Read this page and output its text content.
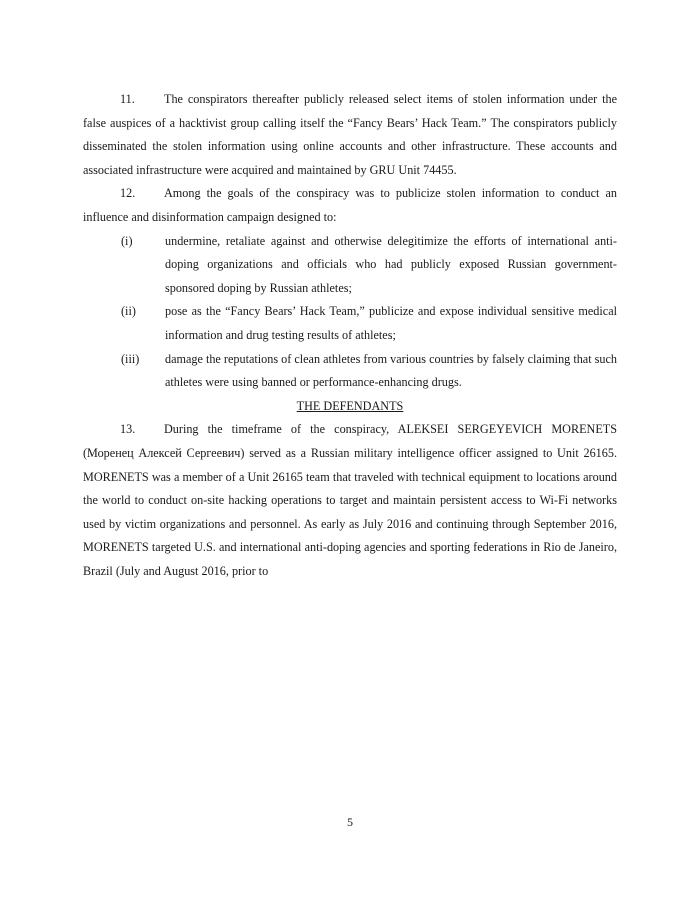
11. The conspirators thereafter publicly released select items of stolen information under the false auspices of a hacktivist group calling itself the “Fancy Bears’ Hack Team.” The conspirators publicly disseminated the stolen information using online accounts and other infrastructure. These accounts and associated infrastructure were acquired and maintained by GRU Unit 74455.

12. Among the goals of the conspiracy was to publicize stolen information to conduct an influence and disinformation campaign designed to:

(i)	undermine, retaliate against and otherwise delegitimize the efforts of international anti-doping organizations and officials who had publicly exposed Russian government-sponsored doping by Russian athletes;

(ii)	pose as the “Fancy Bears’ Hack Team,” publicize and expose individual sensitive medical information and drug testing results of athletes;

(iii)	damage the reputations of clean athletes from various countries by falsely claiming that such athletes were using banned or performance-enhancing drugs.

THE DEFENDANTS

13. During the timeframe of the conspiracy, ALEKSEI SERGEYEVICH MORENETS (Моренец Алексей Сергеевич) served as a Russian military intelligence officer assigned to Unit 26165. MORENETS was a member of a Unit 26165 team that traveled with technical equipment to locations around the world to conduct on-site hacking operations to target and maintain persistent access to Wi-Fi networks used by victim organizations and personnel. As early as July 2016 and continuing through September 2016, MORENETS targeted U.S. and international anti-doping agencies and sporting federations in Rio de Janeiro, Brazil (July and August 2016, prior to

5
